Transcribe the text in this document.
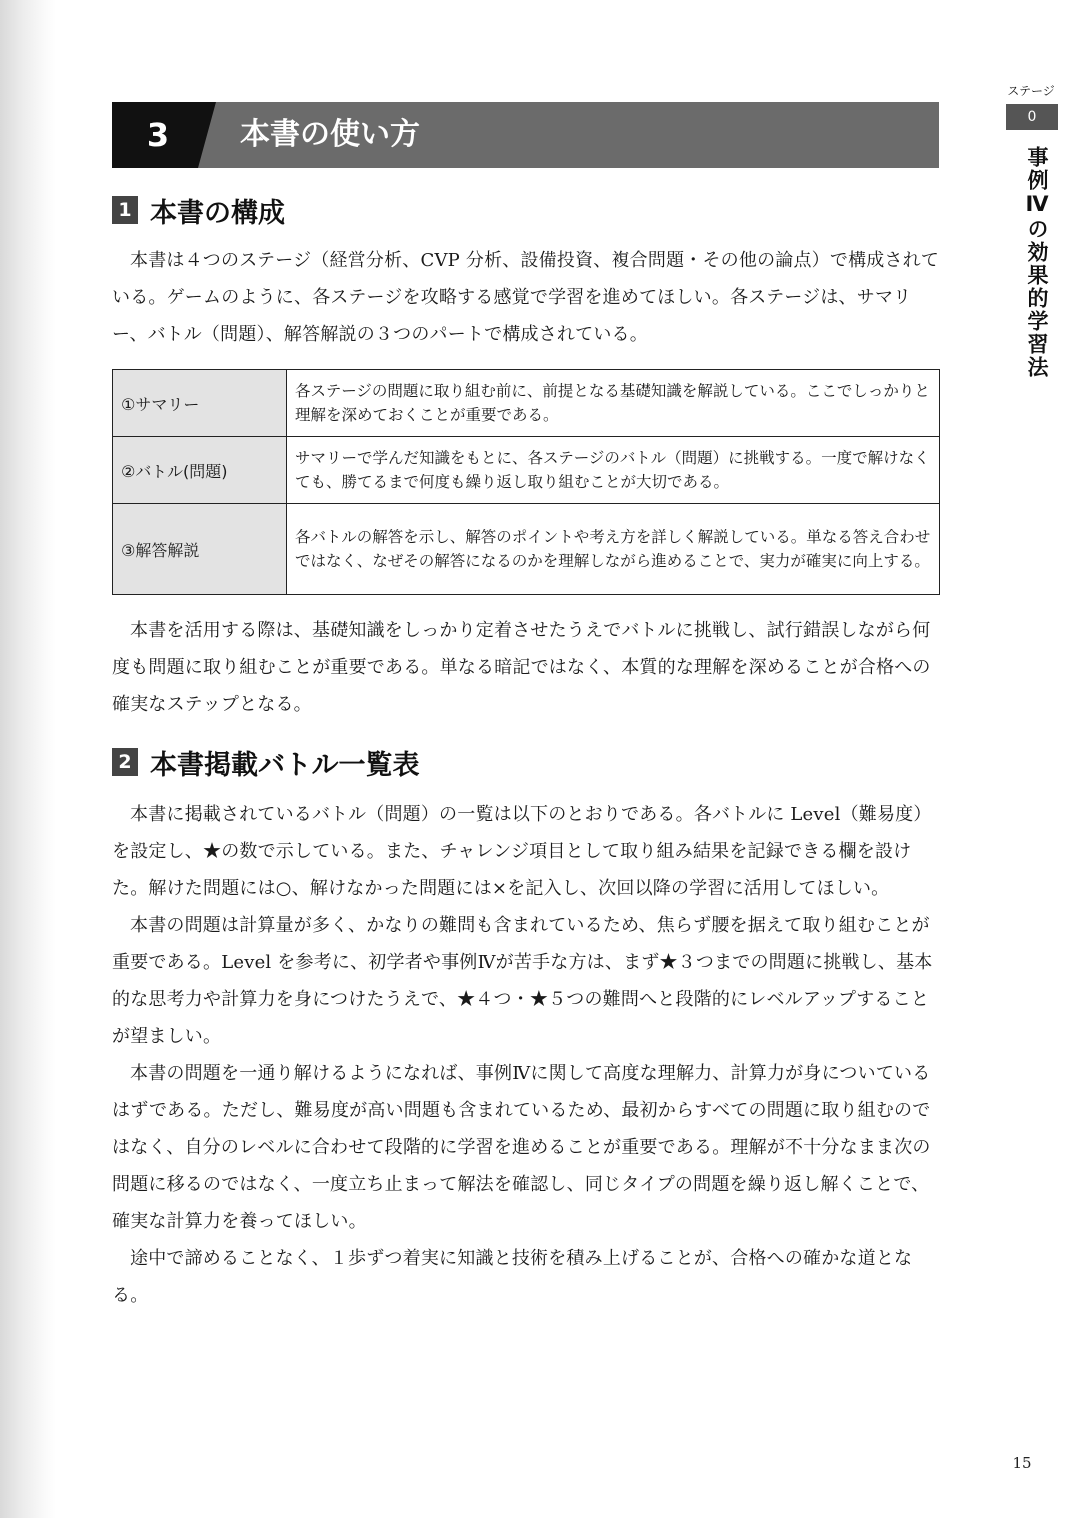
3	本書の使い方
1 本書の構成

本書は４つのステージ（経営分析、CVP 分析、設備投資、複合問題・その他の論点）で構成されている。ゲームのように、各ステージを攻略する感覚で学習を進めてほしい。各ステージは、サマリー、バトル（問題）、解答解説の３つのパートで構成されている。

①サマリー	各ステージの問題に取り組む前に、前提となる基礎知識を解説している。ここでしっかりと理解を深めておくことが重要である。
②バトル(問題)	サマリーで学んだ知識をもとに、各ステージのバトル（問題）に挑戦する。一度で解けなくても、勝てるまで何度も繰り返し取り組むことが大切である。
③解答解説	各バトルの解答を示し、解答のポイントや考え方を詳しく解説している。単なる答え合わせではなく、なぜその解答になるのかを理解しながら進めることで、実力が確実に向上する。

本書を活用する際は、基礎知識をしっかり定着させたうえでバトルに挑戦し、試行錯誤しながら何度も問題に取り組むことが重要である。単なる暗記ではなく、本質的な理解を深めることが合格への確実なステップとなる。

2 本書掲載バトル一覧表

本書に掲載されているバトル（問題）の一覧は以下のとおりである。各バトルに Level（難易度）を設定し、★の数で示している。また、チャレンジ項目として取り組み結果を記録できる欄を設けた。解けた問題には○、解けなかった問題には×を記入し、次回以降の学習に活用してほしい。

本書の問題は計算量が多く、かなりの難問も含まれているため、焦らず腰を据えて取り組むことが重要である。Level を参考に、初学者や事例Ⅳが苦手な方は、まず★３つまでの問題に挑戦し、基本的な思考力や計算力を身につけたうえで、★４つ・★５つの難問へと段階的にレベルアップすることが望ましい。

本書の問題を一通り解けるようになれば、事例Ⅳに関して高度な理解力、計算力が身についているはずである。ただし、難易度が高い問題も含まれているため、最初からすべての問題に取り組むのではなく、自分のレベルに合わせて段階的に学習を進めることが重要である。理解が不十分なまま次の問題に移るのではなく、一度立ち止まって解法を確認し、同じタイプの問題を繰り返し解くことで、確実な計算力を養ってほしい。

途中で諦めることなく、１歩ずつ着実に知識と技術を積み上げることが、合格への確かな道となる。

ステージ
0
事例Ⅳの効果的学習法
15
